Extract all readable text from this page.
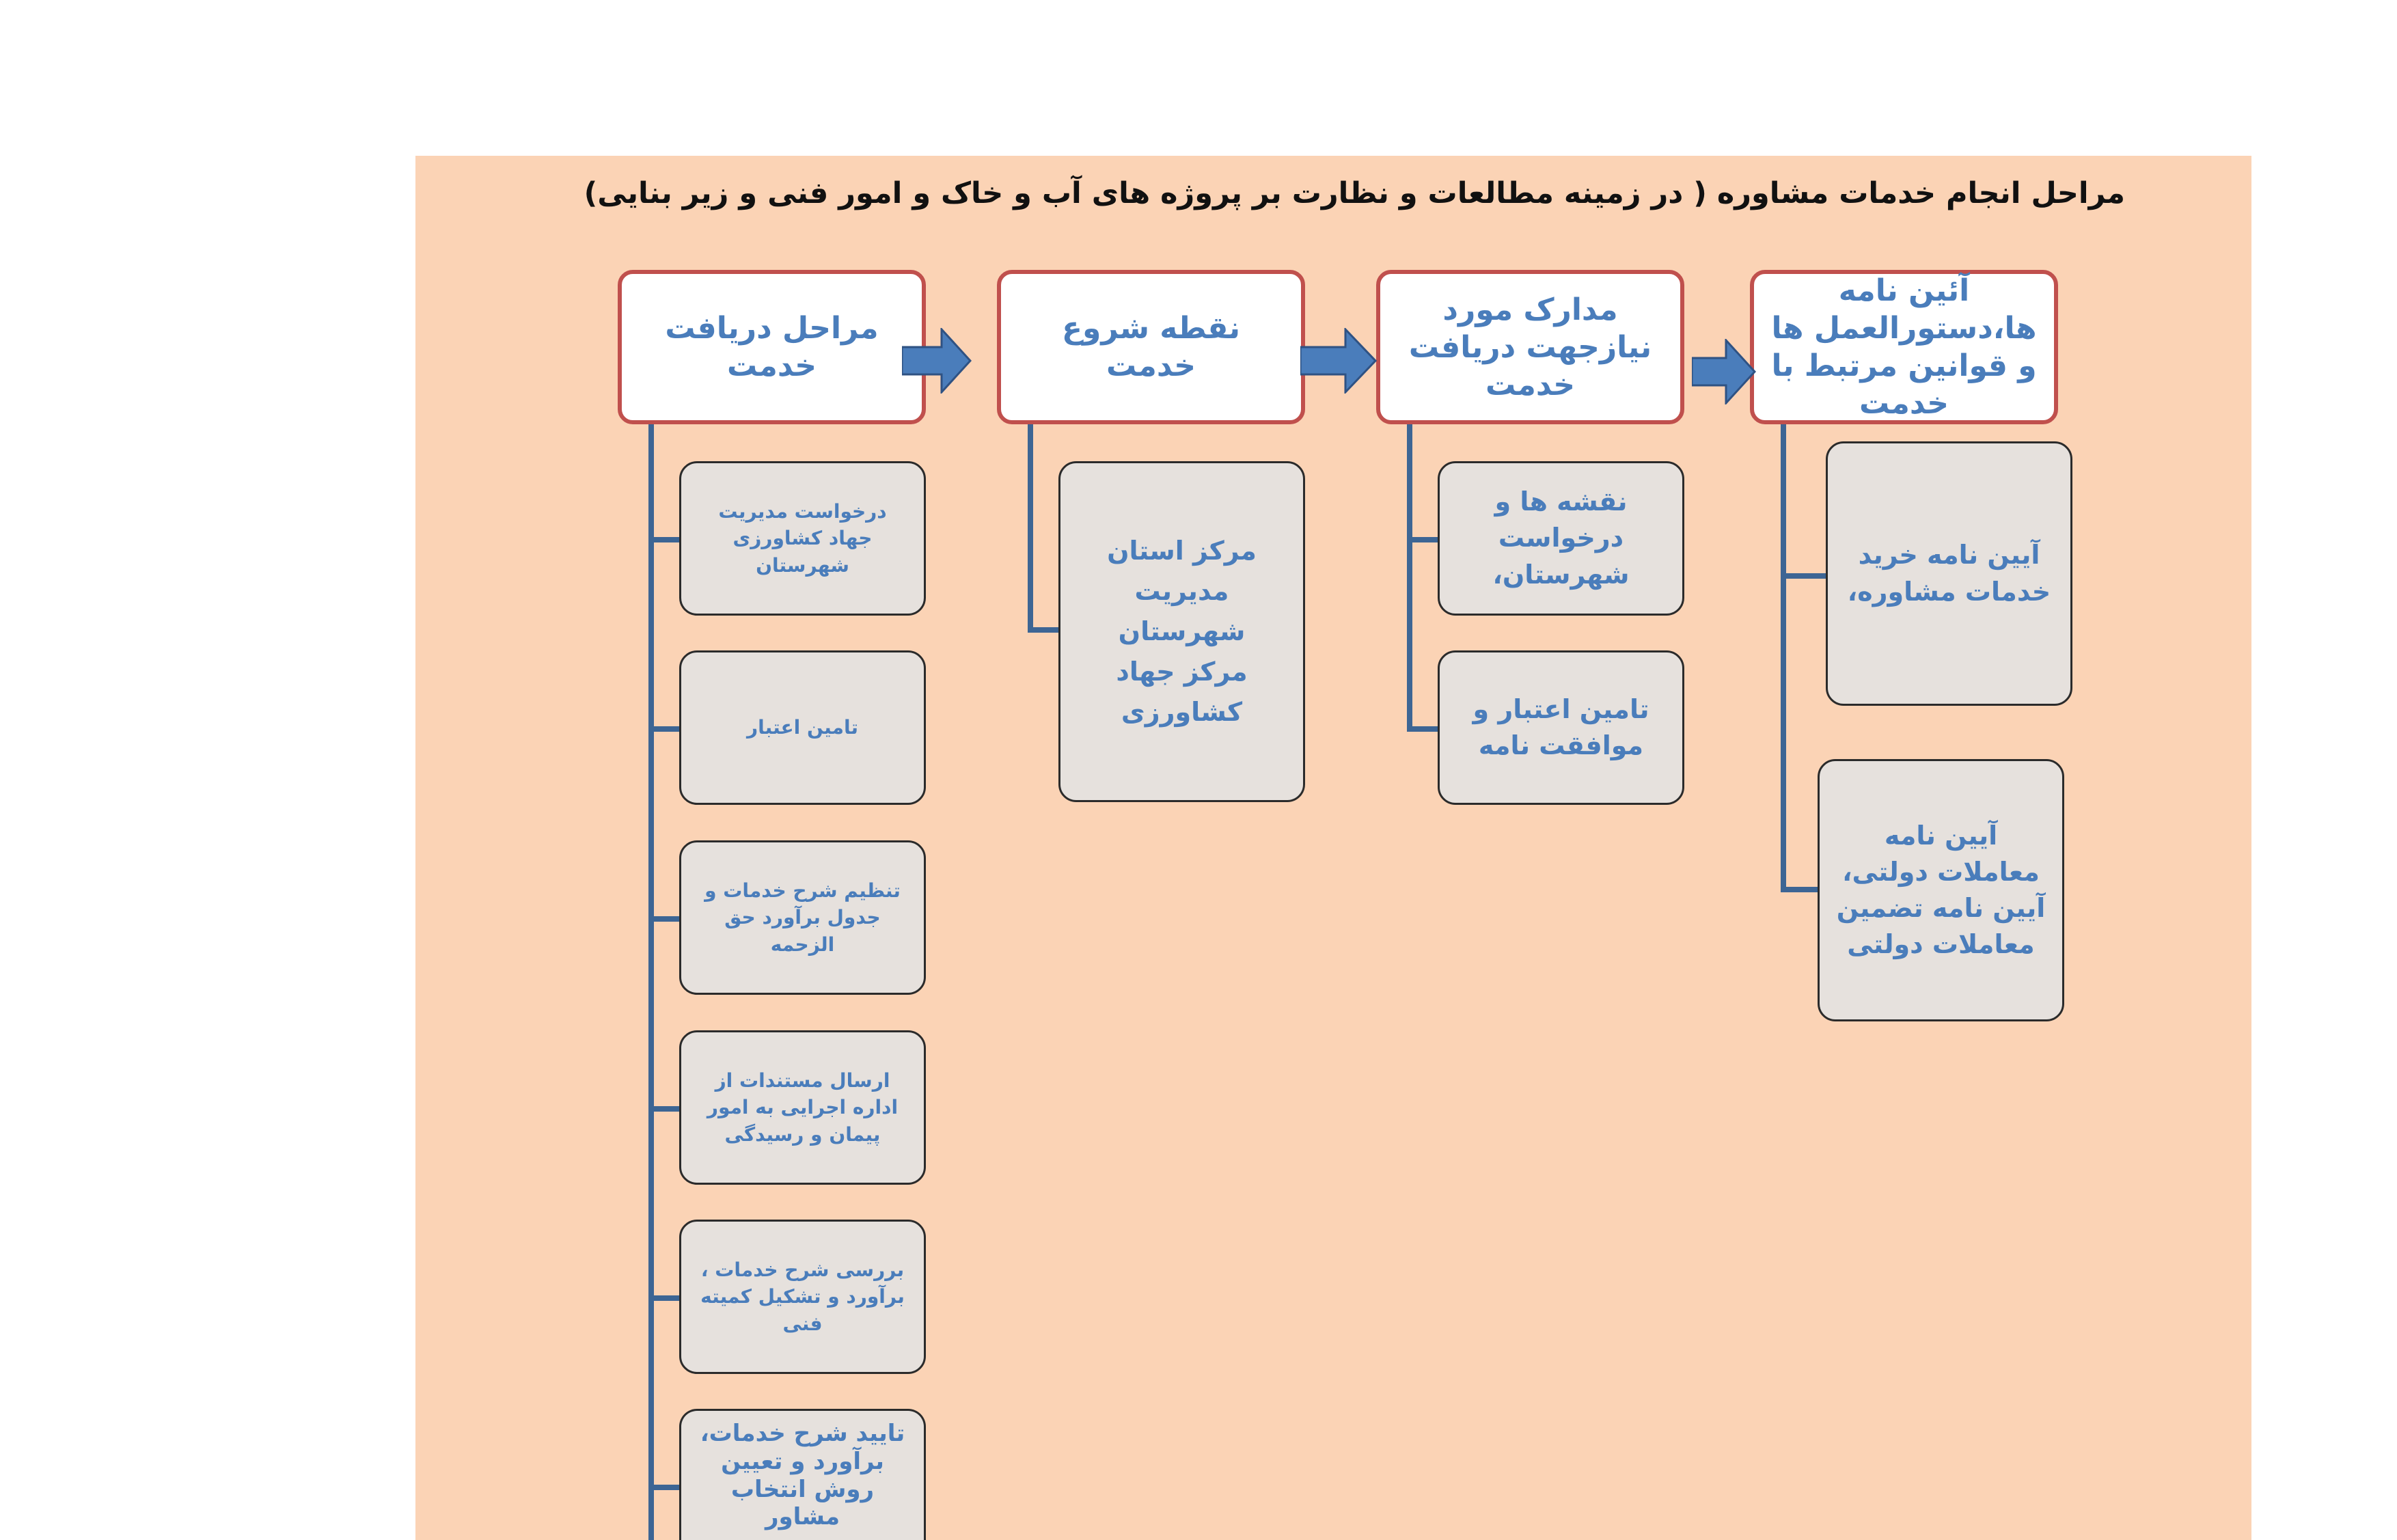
مراحل انجام خدمات مشاوره ( در زمینه مطالعات و نظارت بر پروژه های آب و خاک و امور فنی و زیر بنایی)
آئین نامه ها،دستورالعمل ها و قوانین مرتبط با خدمت
مدارک مورد نیازجهت دریافت خدمت
نقطه شروع خدمت
مراحل دریافت خدمت
آیین نامه خرید خدمات مشاوره،
آیین نامه معاملات دولتی، آیین نامه تضمین معاملات دولتی
نقشه ها و درخواست شهرستان،
تامین اعتبار و موافقت نامه
مرکز استان
مدیریت
شهرستان
مرکز جهاد کشاورزی
درخواست مدیریت جهاد کشاورزی شهرستان
تامین اعتبار
تنظیم شرح خدمات و جدول برآورد حق الزحمه
ارسال مستندات از اداره اجرایی به امور پیمان و رسیدگی
بررسی شرح خدمات ، برآورد و تشکیل کمیته فنی
تایید شرح خدمات، برآورد و تعیین روش انتخاب مشاور
